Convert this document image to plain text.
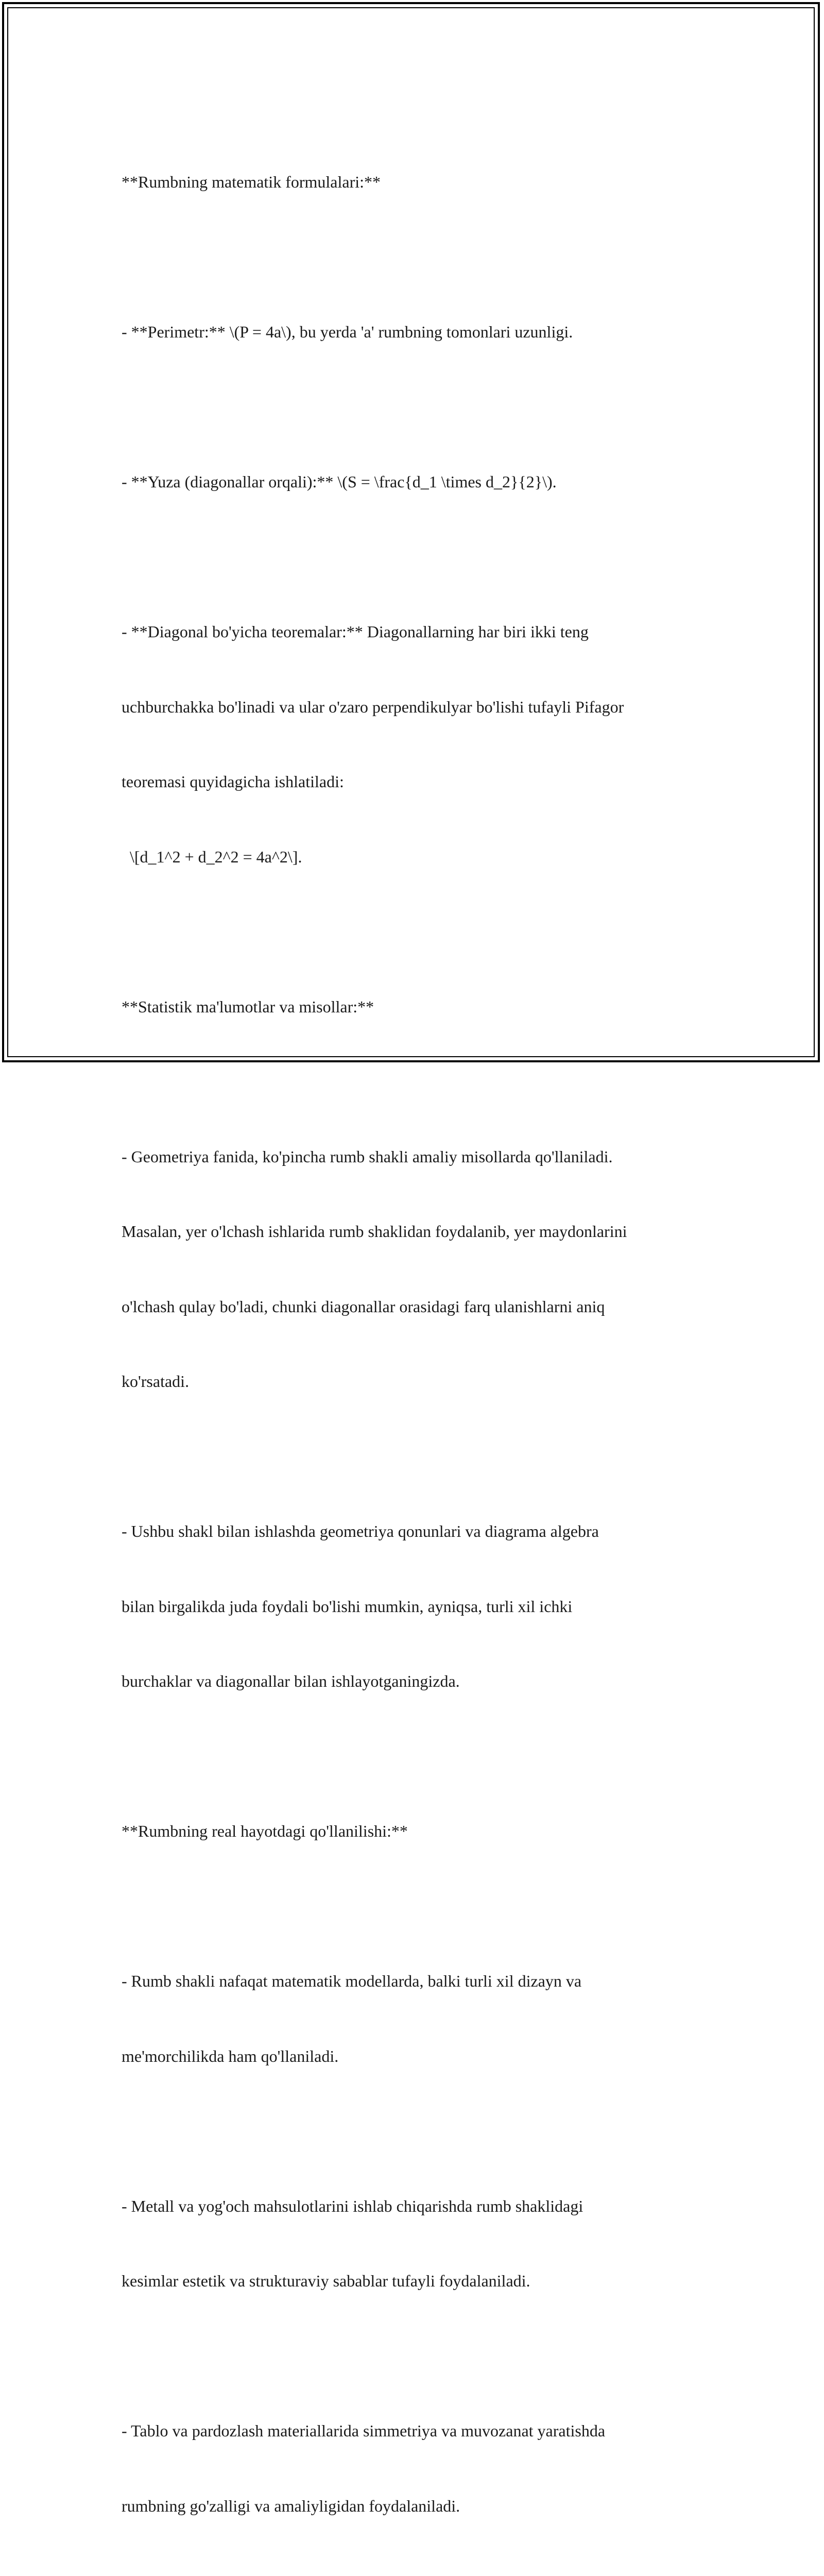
**Rumbning matematik formulalari:**

- **Perimetr:** \(P = 4a\), bu yerda 'a' rumbning tomonlari uzunligi.

- **Yuza (diagonallar orqali):** \(S = \frac{d_1 \times d_2}{2}\).

- **Diagonal bo'yicha teoremalar:** Diagonallarning har biri ikki teng

uchburchakka bo'linadi va ular o'zaro perpendikulyar bo'lishi tufayli Pifagor

teoremasi quyidagicha ishlatiladi:

\[d_1^2 + d_2^2 = 4a^2\].

**Statistik ma'lumotlar va misollar:**

- Geometriya fanida, ko'pincha rumb shakli amaliy misollarda qo'llaniladi.

Masalan, yer o'lchash ishlarida rumb shaklidan foydalanib, yer maydonlarini

o'lchash qulay bo'ladi, chunki diagonallar orasidagi farq ulanishlarni aniq

ko'rsatadi.

- Ushbu shakl bilan ishlashda geometriya qonunlari va diagrama algebra

bilan birgalikda juda foydali bo'lishi mumkin, ayniqsa, turli xil ichki

burchaklar va diagonallar bilan ishlayotganingizda.

**Rumbning real hayotdagi qo'llanilishi:**

- Rumb shakli nafaqat matematik modellarda, balki turli xil dizayn va

me'morchilikda ham qo'llaniladi.

- Metall va yog'och mahsulotlarini ishlab chiqarishda rumb shaklidagi

kesimlar estetik va strukturaviy sabablar tufayli foydalaniladi.

- Tablo va pardozlash materiallarida simmetriya va muvozanat yaratishda

rumbning go'zalligi va amaliyligidan foydalaniladi.
